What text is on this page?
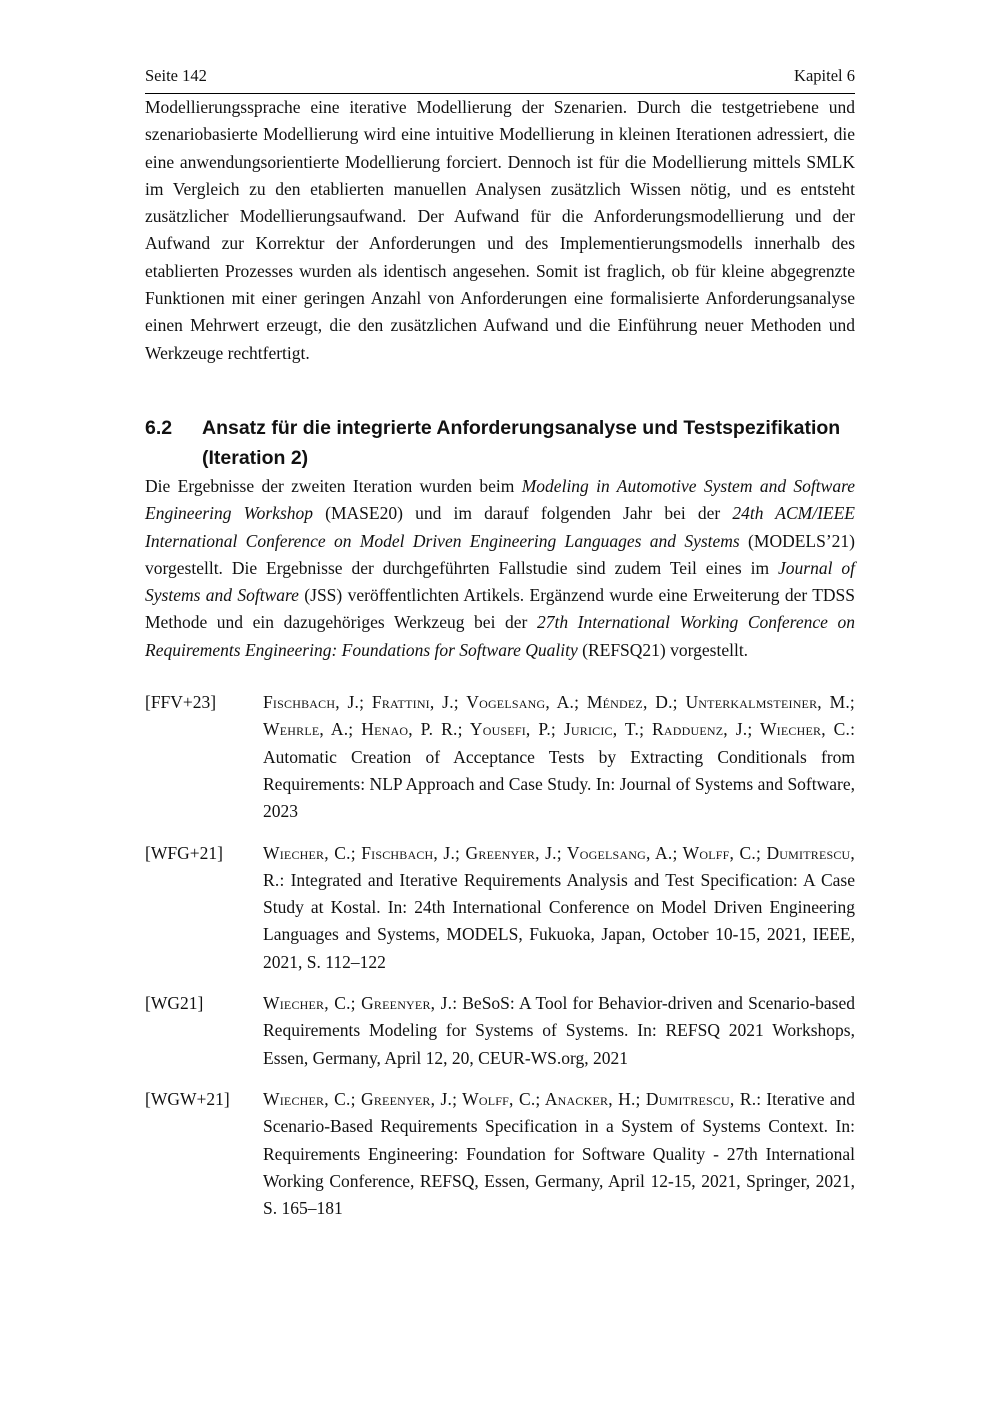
Seite 142	Kapitel 6

Modellierungssprache eine iterative Modellierung der Szenarien. Durch die testgetriebene und szenariobasierte Modellierung wird eine intuitive Modellierung in kleinen Iterationen adressiert, die eine anwendungsorientierte Modellierung forciert. Dennoch ist für die Modellierung mittels SMLK im Vergleich zu den etablierten manuellen Analysen zusätzlich Wissen nötig, und es entsteht zusätzlicher Modellierungsaufwand. Der Aufwand für die Anforderungsmodellierung und der Aufwand zur Korrektur der Anforderungen und des Implementierungsmodells innerhalb des etablierten Prozesses wurden als identisch angesehen. Somit ist fraglich, ob für kleine abgegrenzte Funktionen mit einer geringen Anzahl von Anforderungen eine formalisierte Anforderungsanalyse einen Mehrwert erzeugt, die den zusätzlichen Aufwand und die Einführung neuer Methoden und Werkzeuge rechtfertigt.

6.2	Ansatz für die integrierte Anforderungsanalyse und Testspezifikation
(Iteration 2)

Die Ergebnisse der zweiten Iteration wurden beim Modeling in Automotive System and Software Engineering Workshop (MASE20) und im darauf folgenden Jahr bei der 24th ACM/IEEE International Conference on Model Driven Engineering Languages and Systems (MODELS’21) vorgestellt. Die Ergebnisse der durchgeführten Fallstudie sind zudem Teil eines im Journal of Systems and Software (JSS) veröffentlichten Artikels. Ergänzend wurde eine Erweiterung der TDSS Methode und ein dazugehöriges Werkzeug bei der 27th International Working Conference on Requirements Engineering: Foundations for Software Quality (REFSQ21) vorgestellt.

[FFV+23]	Fischbach, J.; Frattini, J.; Vogelsang, A.; Méndez, D.; Unterkalmsteiner, M.; Wehrle, A.; Henao, P. R.; Yousefi, P.; Juricic, T.; Radduenz, J.; Wiecher, C.: Automatic Creation of Acceptance Tests by Extracting Conditionals from Requirements: NLP Approach and Case Study. In: Journal of Systems and Software, 2023
[WFG+21]	Wiecher, C.; Fischbach, J.; Greenyer, J.; Vogelsang, A.; Wolff, C.; Dumitrescu, R.: Integrated and Iterative Requirements Analysis and Test Specification: A Case Study at Kostal. In: 24th International Conference on Model Driven Engineering Languages and Systems, MODELS, Fukuoka, Japan, October 10-15, 2021, IEEE, 2021, S. 112–122
[WG21]	Wiecher, C.; Greenyer, J.: BeSoS: A Tool for Behavior-driven and Scenario-based Requirements Modeling for Systems of Systems. In: REFSQ 2021 Workshops, Essen, Germany, April 12, 20, CEUR-WS.org, 2021
[WGW+21]	Wiecher, C.; Greenyer, J.; Wolff, C.; Anacker, H.; Dumitrescu, R.: Iterative and Scenario-Based Requirements Specification in a System of Systems Context. In: Requirements Engineering: Foundation for Software Quality - 27th International Working Conference, REFSQ, Essen, Germany, April 12-15, 2021, Springer, 2021, S. 165–181
